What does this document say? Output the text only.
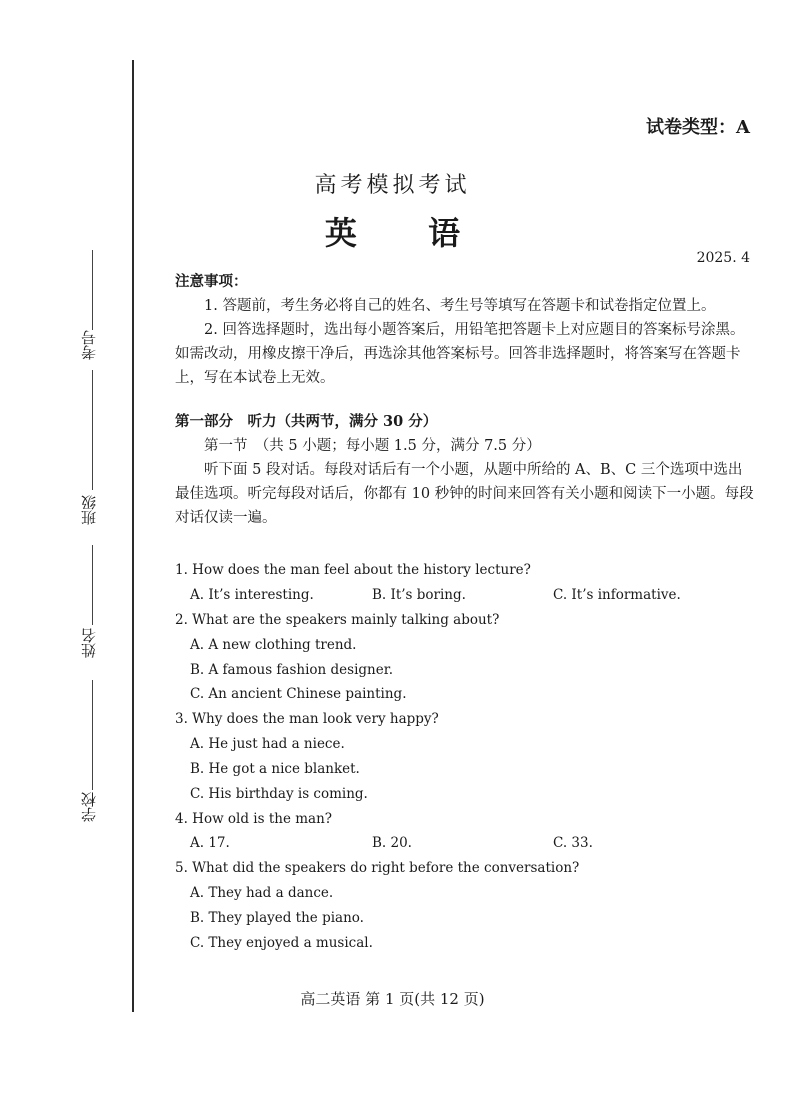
考号
班级
姓名
学校
试卷类型：A
高考模拟考试
英 语
2025. 4
注意事项：
1. 答题前，考生务必将自己的姓名、考生号等填写在答题卡和试卷指定位置上。
2. 回答选择题时，选出每小题答案后，用铅笔把答题卡上对应题目的答案标号涂黑。如需改动，用橡皮擦干净后，再选涂其他答案标号。回答非选择题时，将答案写在答题卡上，写在本试卷上无效。
第一部分　听力（共两节，满分 30 分）
第一节　（共 5 小题；每小题 1.5 分，满分 7.5 分）
听下面 5 段对话。每段对话后有一个小题，从题中所给的 A、B、C 三个选项中选出最佳选项。听完每段对话后，你都有 10 秒钟的时间来回答有关小题和阅读下一小题。每段对话仅读一遍。
1. How does the man feel about the history lecture?
A. It’s interesting.	B. It’s boring.	C. It’s informative.
2. What are the speakers mainly talking about?
A. A new clothing trend.
B. A famous fashion designer.
C. An ancient Chinese painting.
3. Why does the man look very happy?
A. He just had a niece.
B. He got a nice blanket.
C. His birthday is coming.
4. How old is the man?
A. 17.	B. 20.	C. 33.
5. What did the speakers do right before the conversation?
A. They had a dance.
B. They played the piano.
C. They enjoyed a musical.
高二英语 第 1 页(共 12 页)
